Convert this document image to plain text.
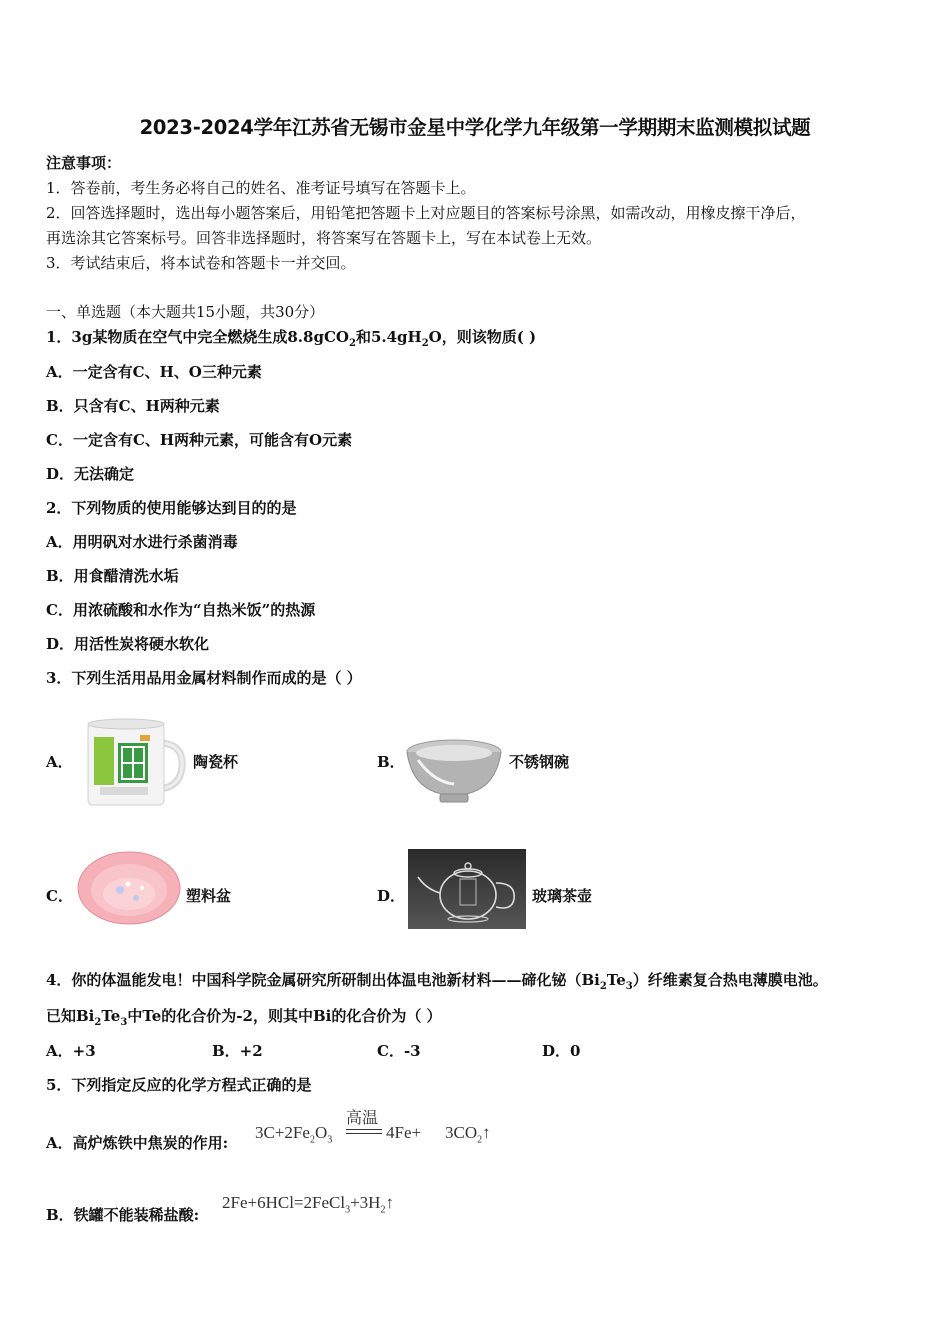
2023-2024学年江苏省无锡市金星中学化学九年级第一学期期末监测模拟试题
注意事项：
1．答卷前，考生务必将自己的姓名、准考证号填写在答题卡上。
2．回答选择题时，选出每小题答案后，用铅笔把答题卡上对应题目的答案标号涂黑，如需改动，用橡皮擦干净后，
再选涂其它答案标号。回答非选择题时，将答案写在答题卡上，写在本试卷上无效。
3．考试结束后，将本试卷和答题卡一并交回。
一、单选题（本大题共15小题，共30分）
1．3g某物质在空气中完全燃烧生成8.8gCO$_2$和$5.4gH_2O$，则该物质( )
A．一定含有C、H、O三种元素
B．只含有C、H两种元素
C．一定含有C、H两种元素，可能含有O元素
D．无法确定
2．下列物质的使用能够达到目的的是
A．用明矾对水进行杀菌消毒
B．用食醋清洗水垢
C．用浓硫酸和水作为“自热米饭”的热源
D．用活性炭将硬水软化
3．下列生活用品用金属材料制作而成的是（ ）
A．	陶瓷杯	B．	不锈钢碗
C．	塑料盆	D．	玻璃茶壶
4．你的体温能发电！中国科学院金属研究所研制出体温电池新材料——碲化铋$(Bi_2Te_3)$纤维素复合热电薄膜电池。
已知$Bi_2Te_3$中Te的化合价为-2，则其中Bi的化合价为（ ）
A．+3	B．+2	C．-3	D．0
5．下列指定反应的化学方程式正确的是
A．高炉炼铁中焦炭的作用:
$3C+2Fe_2O_3$
高温
$4Fe+ 3CO_2↑$
B．铁罐不能装稀盐酸:
$2Fe+6HCl=2FeCl_3+3H_2↑$
